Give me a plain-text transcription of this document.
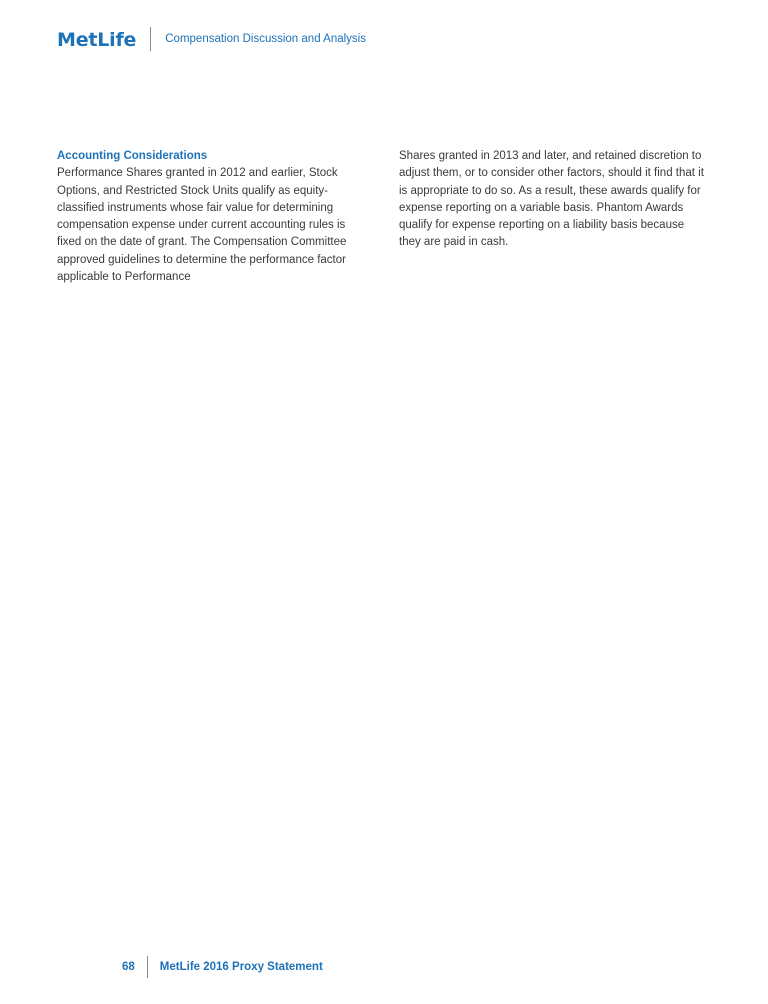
MetLife	Compensation Discussion and Analysis

Accounting Considerations

Performance Shares granted in 2012 and earlier, Stock Options, and Restricted Stock Units qualify as equity-classified instruments whose fair value for determining compensation expense under current accounting rules is fixed on the date of grant. The Compensation Committee approved guidelines to determine the performance factor applicable to Performance

Shares granted in 2013 and later, and retained discretion to adjust them, or to consider other factors, should it find that it is appropriate to do so. As a result, these awards qualify for expense reporting on a variable basis. Phantom Awards qualify for expense reporting on a liability basis because they are paid in cash.

68 MetLife 2016 Proxy Statement
